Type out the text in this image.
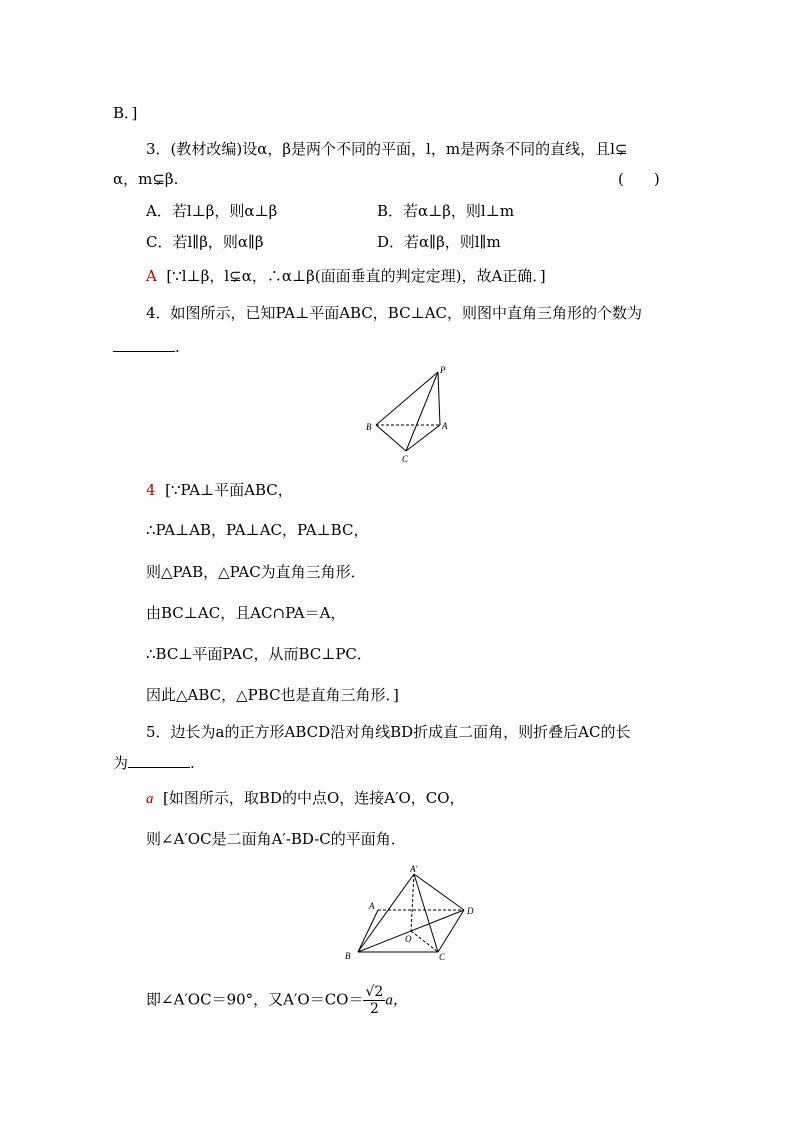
B．]
3．(教材改编)设α，β是两个不同的平面，l，m是两条不同的直线，且l⊊
α，m⊊β.	(　　)
A．若l⊥β，则α⊥β	B．若α⊥β，则l⊥m
C．若l∥β，则α∥β	D．若α∥β，则l∥m
A [∵l⊥β，l⊊α，∴α⊥β(面面垂直的判定定理)，故A正确．]
4．如图所示，已知PA⊥平面ABC，BC⊥AC，则图中直角三角形的个数为
.
P
A
B
C
4 [∵PA⊥平面ABC，
∴PA⊥AB，PA⊥AC，PA⊥BC，
则△PAB，△PAC为直角三角形．
由BC⊥AC，且AC∩PA＝A，
∴BC⊥平面PAC，从而BC⊥PC．
因此△ABC，△PBC也是直角三角形．]
5．边长为a的正方形ABCD沿对角线BD折成直二面角，则折叠后AC的长
为	.
a [如图所示，取BD的中点O，连接A′O，CO，
则∠A′OC是二面角A′-BD-C的平面角．
A′
A
B	C
D
O
即∠A′OC＝90°，又$A'O=CO= \frac{√2}{2}$ a，
